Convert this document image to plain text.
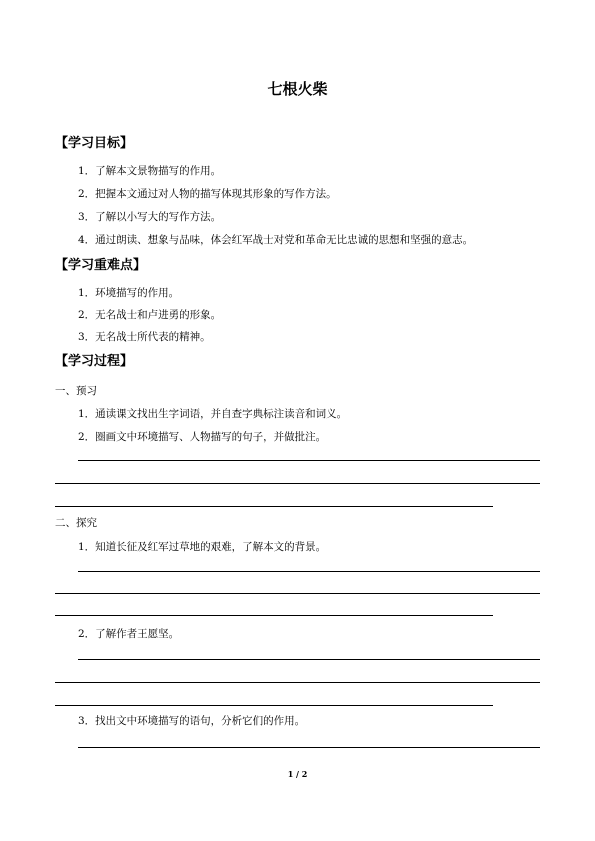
七根火柴
【学习目标】
1．了解本文景物描写的作用。
2．把握本文通过对人物的描写体现其形象的写作方法。
3．了解以小写大的写作方法。
4．通过朗读、想象与品味，体会红军战士对党和革命无比忠诚的思想和坚强的意志。
【学习重难点】
1．环境描写的作用。
2．无名战士和卢进勇的形象。
3．无名战士所代表的精神。
【学习过程】
一、预习
1．通读课文找出生字词语，并自查字典标注读音和词义。
2．圈画文中环境描写、人物描写的句子，并做批注。
二、探究
1．知道长征及红军过草地的艰难，了解本文的背景。
2．了解作者王愿坚。
3．找出文中环境描写的语句，分析它们的作用。
1 / 2
